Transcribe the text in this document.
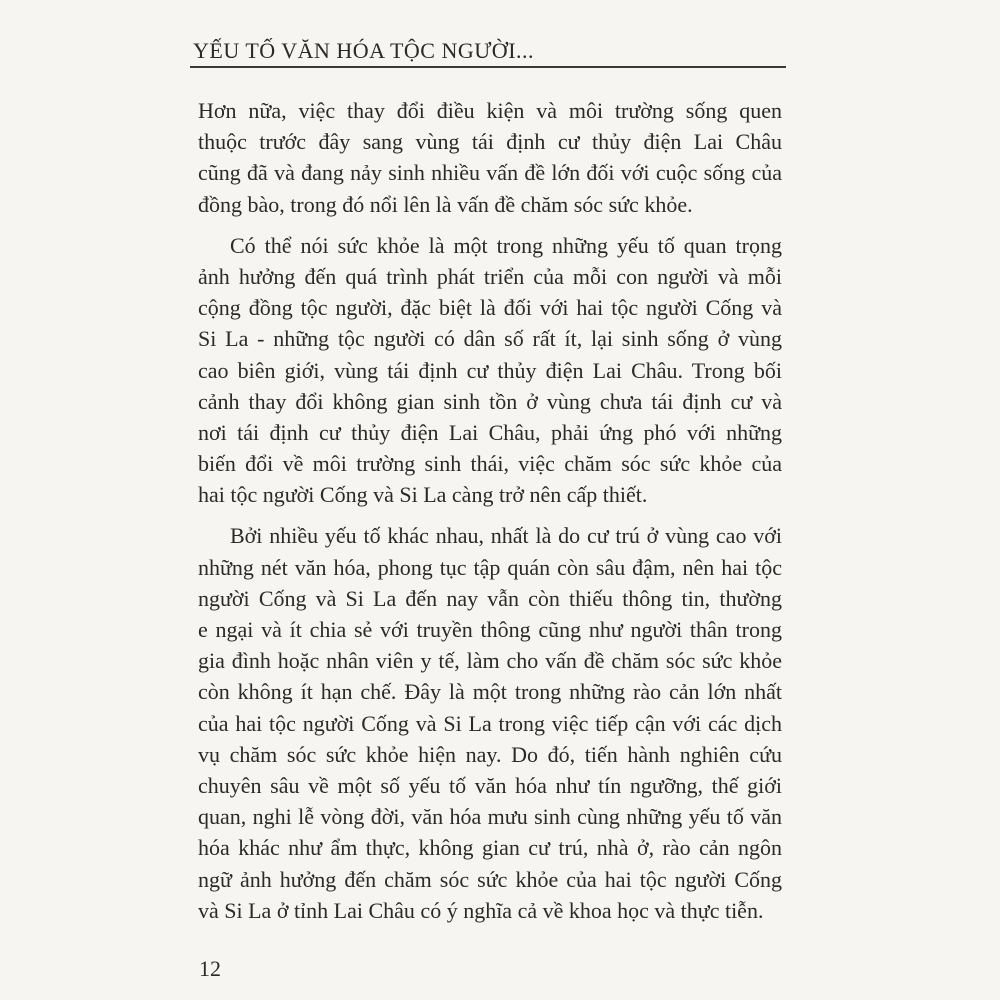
YẾU TỐ VĂN HÓA TỘC NGƯỜI...

Hơn nữa, việc thay đổi điều kiện và môi trường sống quen
thuộc trước đây sang vùng tái định cư thủy điện Lai Châu
cũng đã và đang nảy sinh nhiều vấn đề lớn đối với cuộc sống của
đồng bào, trong đó nổi lên là vấn đề chăm sóc sức khỏe.

Có thể nói sức khỏe là một trong những yếu tố quan trọng
ảnh hưởng đến quá trình phát triển của mỗi con người và mỗi
cộng đồng tộc người, đặc biệt là đối với hai tộc người Cống và
Si La - những tộc người có dân số rất ít, lại sinh sống ở vùng
cao biên giới, vùng tái định cư thủy điện Lai Châu. Trong bối
cảnh thay đổi không gian sinh tồn ở vùng chưa tái định cư và
nơi tái định cư thủy điện Lai Châu, phải ứng phó với những
biến đổi về môi trường sinh thái, việc chăm sóc sức khỏe của
hai tộc người Cống và Si La càng trở nên cấp thiết.

Bởi nhiều yếu tố khác nhau, nhất là do cư trú ở vùng cao với
những nét văn hóa, phong tục tập quán còn sâu đậm, nên hai tộc
người Cống và Si La đến nay vẫn còn thiếu thông tin, thường
e ngại và ít chia sẻ với truyền thông cũng như người thân trong
gia đình hoặc nhân viên y tế, làm cho vấn đề chăm sóc sức khỏe
còn không ít hạn chế. Đây là một trong những rào cản lớn nhất
của hai tộc người Cống và Si La trong việc tiếp cận với các dịch
vụ chăm sóc sức khỏe hiện nay. Do đó, tiến hành nghiên cứu
chuyên sâu về một số yếu tố văn hóa như tín ngưỡng, thế giới
quan, nghi lễ vòng đời, văn hóa mưu sinh cùng những yếu tố văn
hóa khác như ẩm thực, không gian cư trú, nhà ở, rào cản ngôn
ngữ ảnh hưởng đến chăm sóc sức khỏe của hai tộc người Cống
và Si La ở tỉnh Lai Châu có ý nghĩa cả về khoa học và thực tiễn.

12
